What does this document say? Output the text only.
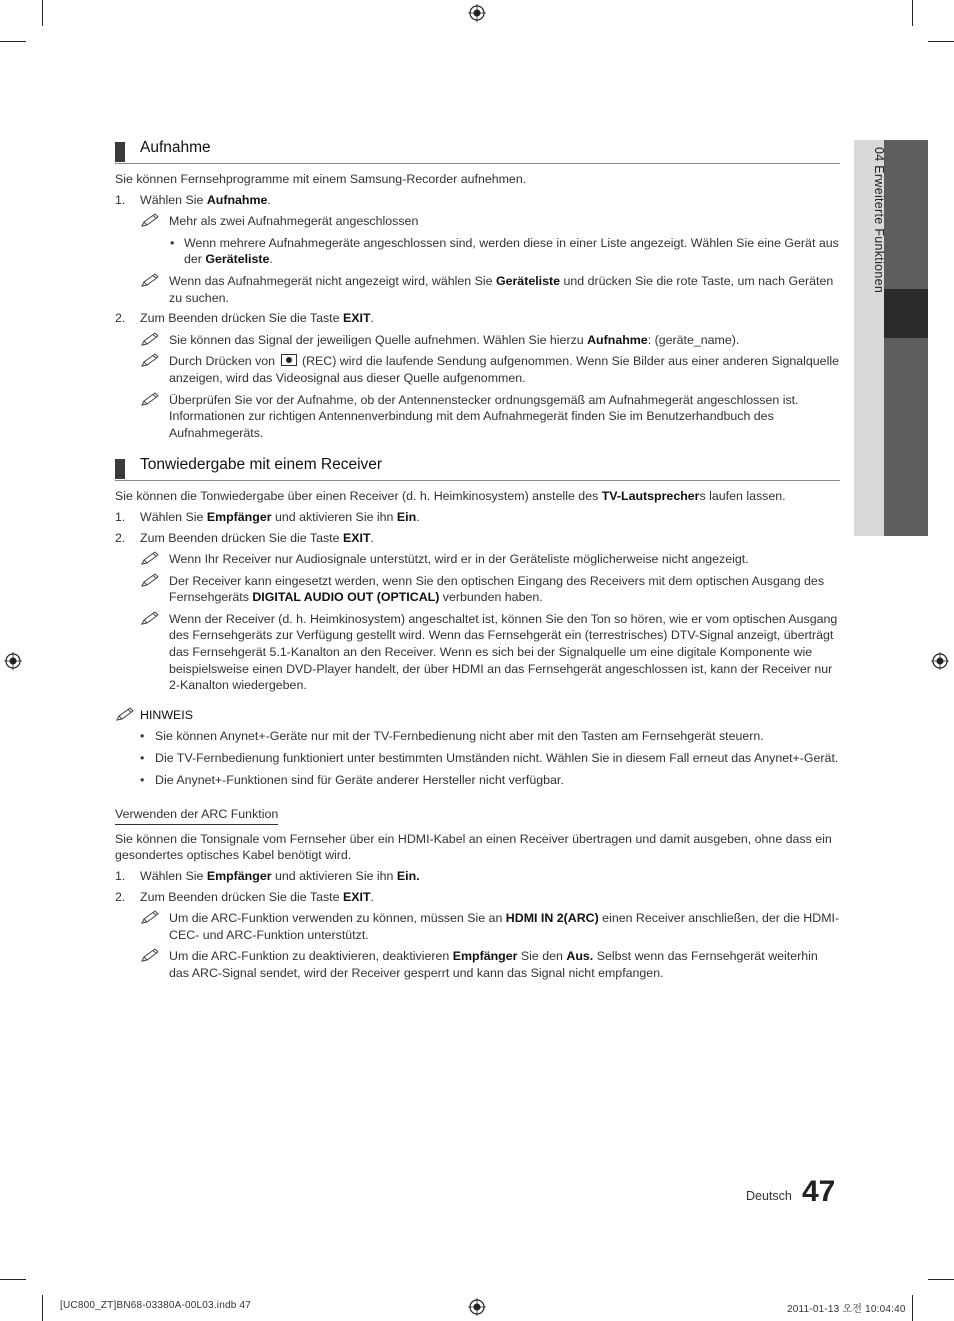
04 Erweiterte Funktionen
Aufnahme

Sie können Fernsehprogramme mit einem Samsung-Recorder aufnehmen.

1. Wählen Sie Aufnahme.
Mehr als zwei Aufnahmegerät angeschlossen
• Wenn mehrere Aufnahmegeräte angeschlossen sind, werden diese in einer Liste angezeigt. Wählen Sie eine Gerät aus der Geräteliste.
Wenn das Aufnahmegerät nicht angezeigt wird, wählen Sie Geräteliste und drücken Sie die rote Taste, um nach Geräten zu suchen.
2. Zum Beenden drücken Sie die Taste EXIT.
Sie können das Signal der jeweiligen Quelle aufnehmen. Wählen Sie hierzu Aufnahme: (geräte_name).
Durch Drücken von  (REC) wird die laufende Sendung aufgenommen. Wenn Sie Bilder aus einer anderen Signalquelle anzeigen, wird das Videosignal aus dieser Quelle aufgenommen.
Überprüfen Sie vor der Aufnahme, ob der Antennenstecker ordnungsgemäß am Aufnahmegerät angeschlossen ist. Informationen zur richtigen Antennenverbindung mit dem Aufnahmegerät finden Sie im Benutzerhandbuch des Aufnahmegeräts.
Tonwiedergabe mit einem Receiver

Sie können die Tonwiedergabe über einen Receiver (d. h. Heimkinosystem) anstelle des TV-Lautsprechers laufen lassen.

1. Wählen Sie Empfänger und aktivieren Sie ihn Ein.
2. Zum Beenden drücken Sie die Taste EXIT.
Wenn Ihr Receiver nur Audiosignale unterstützt, wird er in der Geräteliste möglicherweise nicht angezeigt.
Der Receiver kann eingesetzt werden, wenn Sie den optischen Eingang des Receivers mit dem optischen Ausgang des Fernsehgeräts DIGITAL AUDIO OUT (OPTICAL) verbunden haben.
Wenn der Receiver (d. h. Heimkinosystem) angeschaltet ist, können Sie den Ton so hören, wie er vom optischen Ausgang des Fernsehgeräts zur Verfügung gestellt wird. Wenn das Fernsehgerät ein (terrestrisches) DTV-Signal anzeigt, überträgt das Fernsehgerät 5.1-Kanalton an den Receiver. Wenn es sich bei der Signalquelle um eine digitale Komponente wie beispielsweise einen DVD-Player handelt, der über HDMI an das Fernsehgerät angeschlossen ist, kann der Receiver nur 2-Kanalton wiedergeben.
HINWEIS
• Sie können Anynet+-Geräte nur mit der TV-Fernbedienung nicht aber mit den Tasten am Fernsehgerät steuern.
• Die TV-Fernbedienung funktioniert unter bestimmten Umständen nicht. Wählen Sie in diesem Fall erneut das Anynet+-Gerät.
• Die Anynet+-Funktionen sind für Geräte anderer Hersteller nicht verfügbar.
Verwenden der ARC Funktion

Sie können die Tonsignale vom Fernseher über ein HDMI-Kabel an einen Receiver übertragen und damit ausgeben, ohne dass ein gesondertes optisches Kabel benötigt wird.

1. Wählen Sie Empfänger und aktivieren Sie ihn Ein.
2. Zum Beenden drücken Sie die Taste EXIT.
Um die ARC-Funktion verwenden zu können, müssen Sie an HDMI IN 2(ARC) einen Receiver anschließen, der die HDMI-CEC- und ARC-Funktion unterstützt.
Um die ARC-Funktion zu deaktivieren, deaktivieren Empfänger Sie den Aus. Selbst wenn das Fernsehgerät weiterhin das ARC-Signal sendet, wird der Receiver gesperrt und kann das Signal nicht empfangen.
Deutsch 47
[UC800_ZT]BN68-03380A-00L03.indb 47	2011-01-13 오전 10:04:40
